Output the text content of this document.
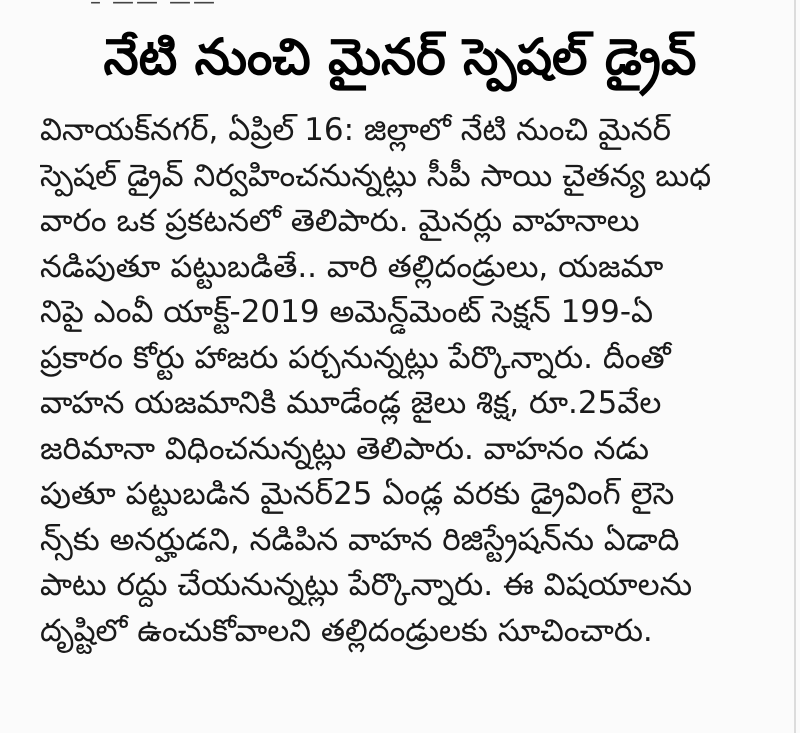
– —— ——
నేటి నుంచి మైనర్ స్పెషల్ డ్రైవ్
వినాయక్‌నగర్, ఏప్రిల్ 16: జిల్లాలో నేటి నుంచి మైనర్
స్పెషల్ డ్రైవ్ నిర్వహించనున్నట్లు సీపీ సాయి చైతన్య బుధ
వారం ఒక ప్రకటనలో తెలిపారు. మైనర్లు వాహనాలు
నడిపుతూ పట్టుబడితే.. వారి తల్లిదండ్రులు, యజమా
నిపై ఎంవీ యాక్ట్-2019 అమెన్డ్‌మెంట్ సెక్షన్ 199-ఏ
ప్రకారం కోర్టు హాజరు పర్చనున్నట్లు పేర్కొన్నారు. దీంతో
వాహన యజమానికి మూడేండ్ల జైలు శిక్ష, రూ.25వేల
జరిమానా విధించనున్నట్లు తెలిపారు. వాహనం నడు
పుతూ పట్టుబడిన మైనర్25 ఏండ్ల వరకు డ్రైవింగ్ లైసె
న్స్‌కు అనర్హుడని, నడిపిన వాహన రిజిస్ట్రేషన్‌ను ఏడాది
పాటు రద్దు చేయనున్నట్లు పేర్కొన్నారు. ఈ విషయాలను
దృష్టిలో ఉంచుకోవాలని తల్లిదండ్రులకు సూచించారు.
